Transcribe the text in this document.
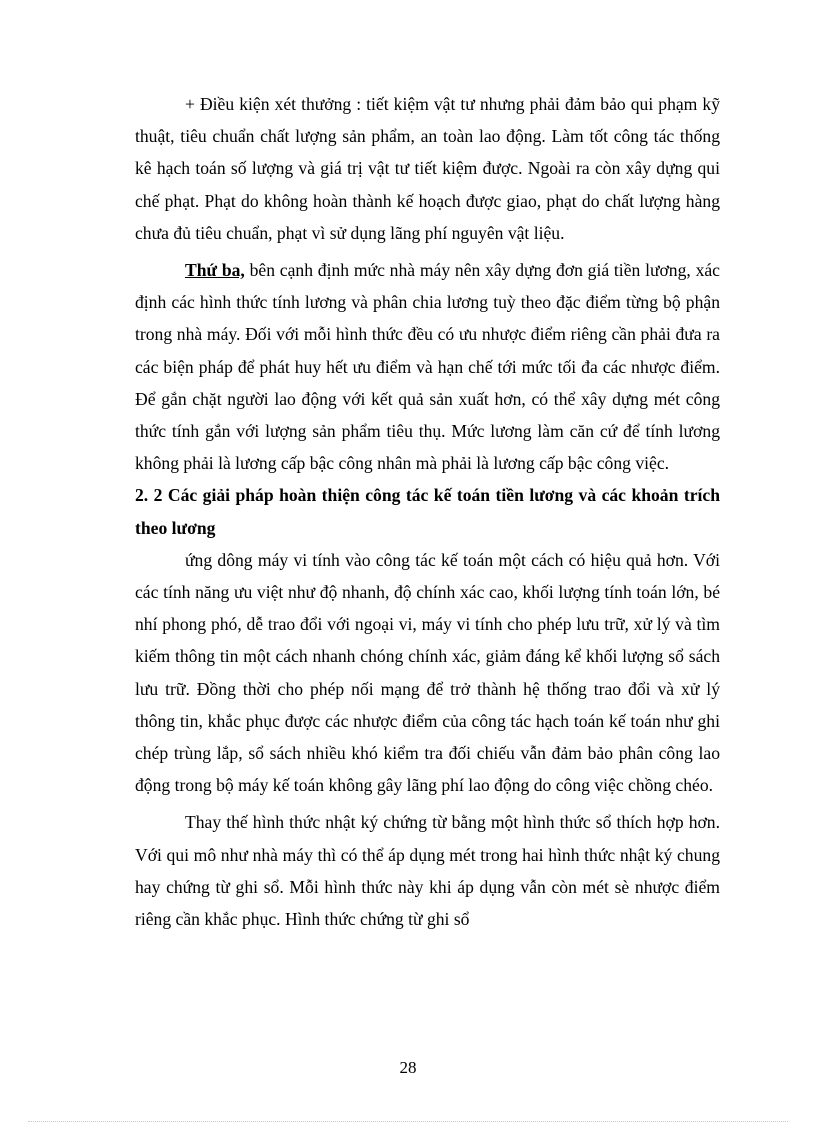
+ Điều kiện xét thưởng : tiết kiệm vật tư nhưng phải đảm bảo qui phạm kỹ thuật, tiêu chuẩn chất lượng sản phẩm, an toàn lao động. Làm tốt công tác thống kê hạch toán số lượng và giá trị vật tư tiết kiệm được. Ngoài ra còn xây dựng qui chế phạt. Phạt do không hoàn thành kế hoạch được giao, phạt do chất lượng hàng chưa đủ tiêu chuẩn, phạt vì sử dụng lãng phí nguyên vật liệu.

Thứ ba, bên cạnh định mức nhà máy nên xây dựng đơn giá tiền lương, xác định các hình thức tính lương và phân chia lương tuỳ theo đặc điểm từng bộ phận trong nhà máy. Đối với mỗi hình thức đều có ưu nhược điểm riêng cần phải đưa ra các biện pháp để phát huy hết ưu điểm và hạn chế tới mức tối đa các nhược điểm. Để gắn chặt người lao động với kết quả sản xuất hơn, có thể xây dựng mét công thức tính gắn với lượng sản phẩm tiêu thụ. Mức lương làm căn cứ để tính lương không phải là lương cấp bậc công nhân mà phải là lương cấp bậc công việc.

2. 2 Các giải pháp hoàn thiện công tác kế toán tiền lương và các khoản trích theo lương

ứng dông máy vi tính vào công tác kế toán một cách có hiệu quả hơn. Với các tính năng ưu việt như độ nhanh, độ chính xác cao, khối lượng tính toán lớn, bé nhí phong phó, dễ trao đổi với ngoại vi, máy vi tính cho phép lưu trữ, xử lý và tìm kiếm thông tin một cách nhanh chóng chính xác, giảm đáng kể khối lượng sổ sách lưu trữ. Đồng thời cho phép nối mạng để trở thành hệ thống trao đổi và xử lý thông tin, khắc phục được các nhược điểm của công tác hạch toán kế toán như ghi chép trùng lắp, sổ sách nhiều khó kiểm tra đối chiếu vẫn đảm bảo phân công lao động trong bộ máy kế toán không gây lãng phí lao động do công việc chồng chéo.

Thay thế hình thức nhật ký chứng từ bằng một hình thức sổ thích hợp hơn. Với qui mô như nhà máy thì có thể áp dụng mét trong hai hình thức nhật ký chung hay chứng từ ghi sổ. Mỗi hình thức này khi áp dụng vẫn còn mét sè nhược điểm riêng cần khắc phục. Hình thức chứng từ ghi sổ

28
